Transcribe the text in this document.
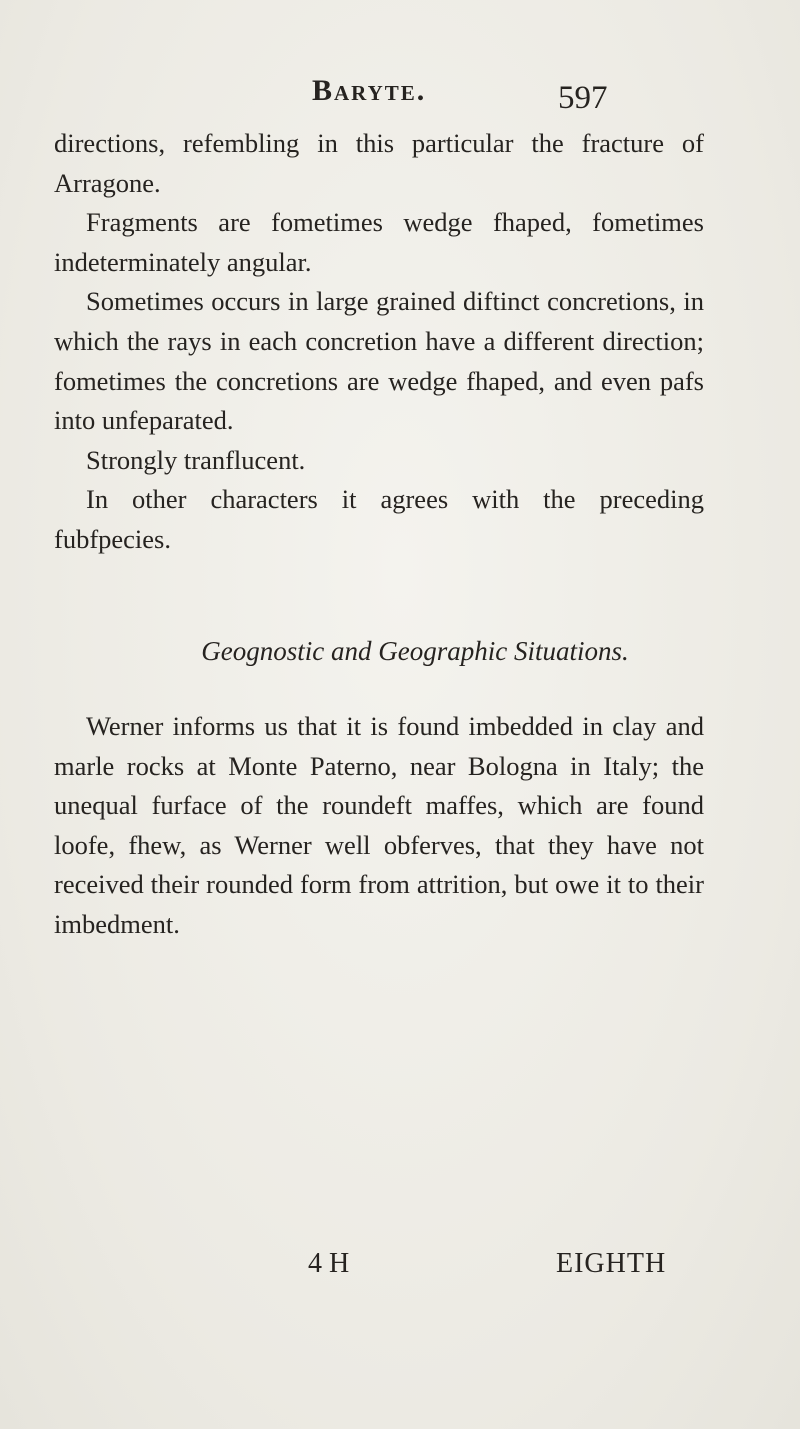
Baryte.	597

directions, refembling in this particular the fracture of Arragone.

Fragments are fometimes wedge fhaped, fometimes indeterminately angular.

Sometimes occurs in large grained diftinct concretions, in which the rays in each concretion have a different direction; fometimes the concretions are wedge fhaped, and even pafs into unfeparated.

Strongly tranflucent.

In other characters it agrees with the preceding fubfpecies.

Geognostic and Geographic Situations.

Werner informs us that it is found imbedded in clay and marle rocks at Monte Paterno, near Bologna in Italy; the unequal furface of the roundeft maffes, which are found loofe, fhew, as Werner well obferves, that they have not received their rounded form from attrition, but owe it to their imbedment.

4 H	EIGHTH
